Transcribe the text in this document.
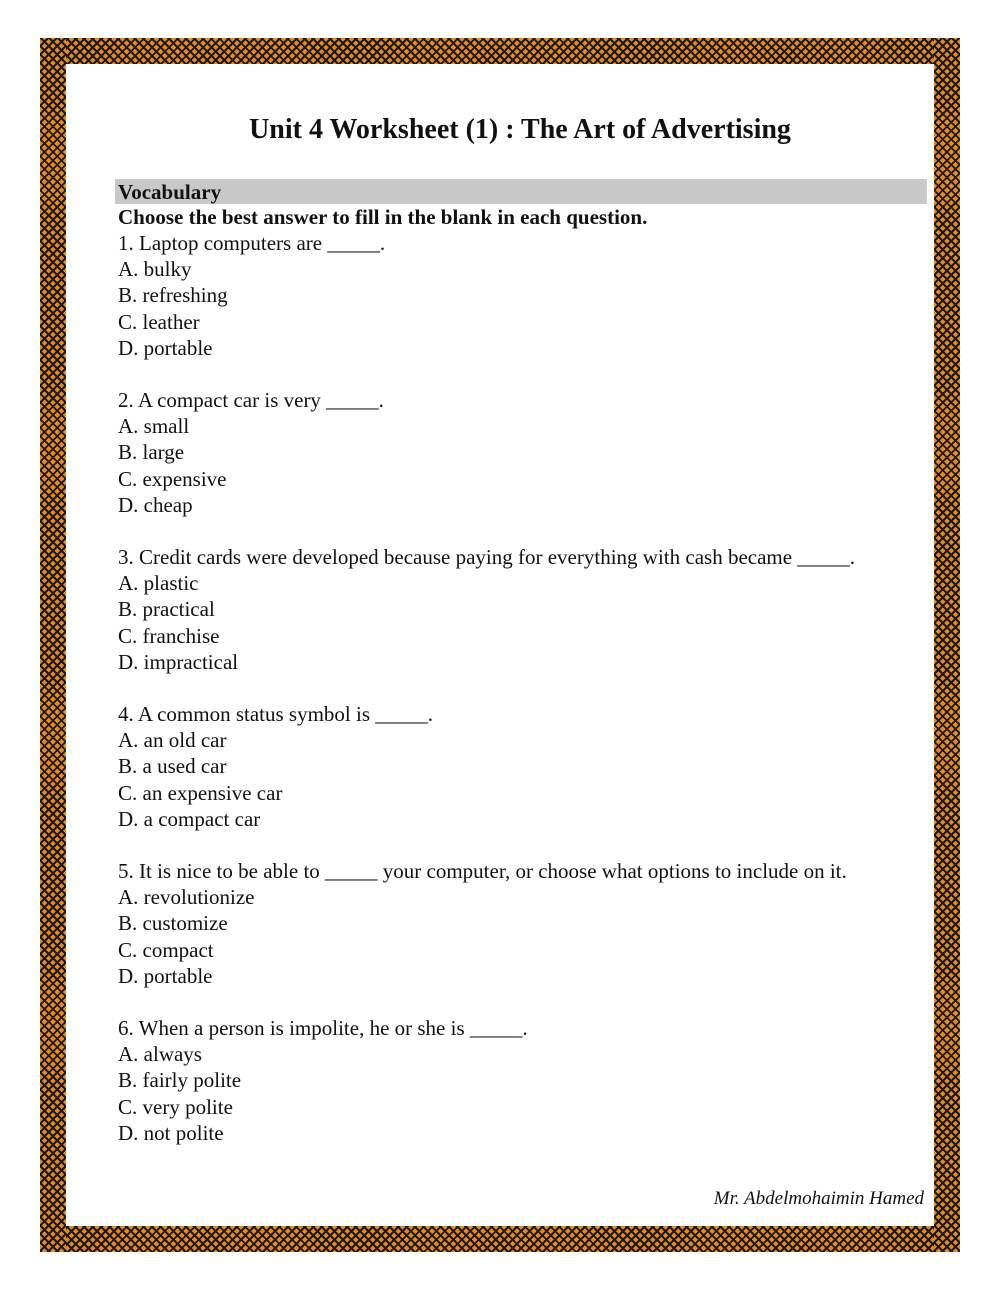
Unit 4 Worksheet (1) : The Art of Advertising
Vocabulary
Choose the best answer to fill in the blank in each question.
1. Laptop computers are _____.
A. bulky
B. refreshing
C. leather
D. portable
2. A compact car is very _____.
A. small
B. large
C. expensive
D. cheap
3. Credit cards were developed because paying for everything with cash became _____.
A. plastic
B. practical
C. franchise
D. impractical
4. A common status symbol is _____.
A. an old car
B. a used car
C. an expensive car
D. a compact car
5. It is nice to be able to _____ your computer, or choose what options to include on it.
A. revolutionize
B. customize
C. compact
D. portable
6. When a person is impolite, he or she is _____.
A. always
B. fairly polite
C. very polite
D. not polite
Mr. Abdelmohaimin Hamed
